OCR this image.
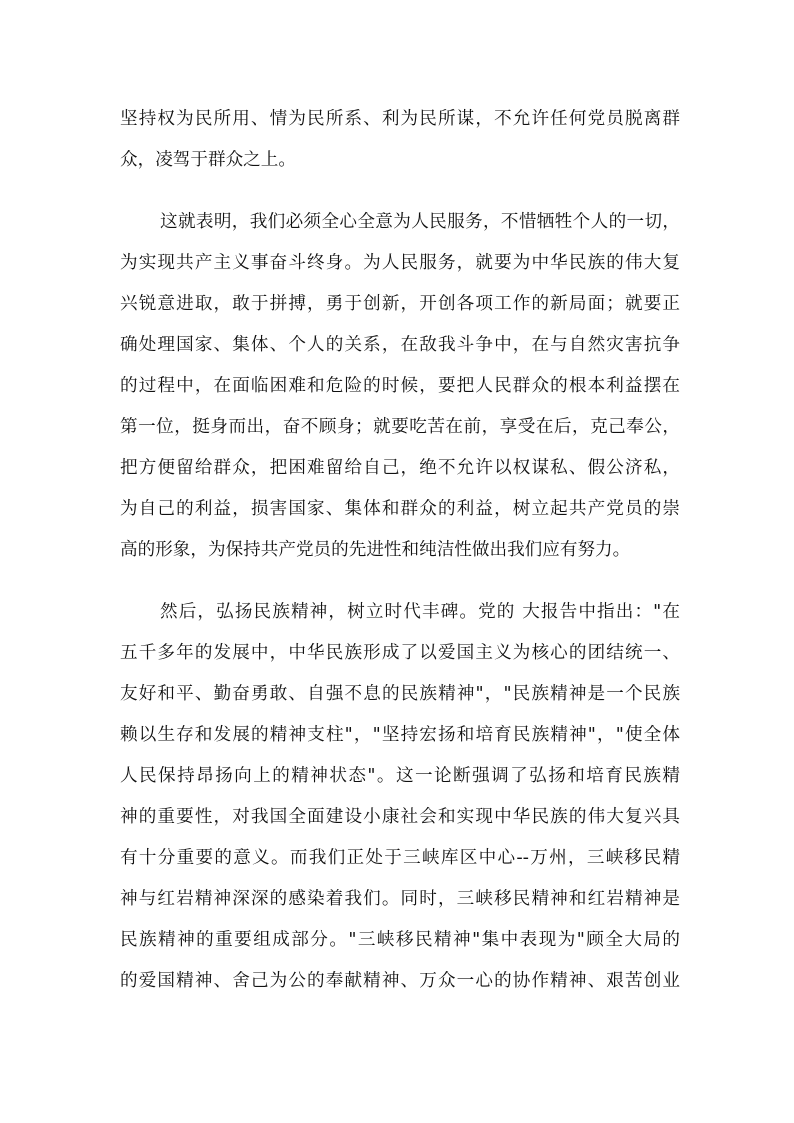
坚持权为民所用、情为民所系、利为民所谋，不允许任何党员脱离群
众，凌驾于群众之上。
这就表明，我们必须全心全意为人民服务，不惜牺牲个人的一切，
为实现共产主义事奋斗终身。为人民服务，就要为中华民族的伟大复
兴锐意进取，敢于拼搏，勇于创新，开创各项工作的新局面；就要正
确处理国家、集体、个人的关系，在敌我斗争中，在与自然灾害抗争
的过程中，在面临困难和危险的时候，要把人民群众的根本利益摆在
第一位，挺身而出，奋不顾身；就要吃苦在前，享受在后，克己奉公，
把方便留给群众，把困难留给自己，绝不允许以权谋私、假公济私，
为自己的利益，损害国家、集体和群众的利益，树立起共产党员的崇
高的形象，为保持共产党员的先进性和纯洁性做出我们应有努力。
然后，弘扬民族精神，树立时代丰碑。党的 大报告中指出："在
五千多年的发展中，中华民族形成了以爱国主义为核心的团结统一、
友好和平、勤奋勇敢、自强不息的民族精神"，"民族精神是一个民族
赖以生存和发展的精神支柱"，"坚持宏扬和培育民族精神"，"使全体
人民保持昂扬向上的精神状态"。这一论断强调了弘扬和培育民族精
神的重要性，对我国全面建设小康社会和实现中华民族的伟大复兴具
有十分重要的意义。而我们正处于三峡库区中心--万州，三峡移民精
神与红岩精神深深的感染着我们。同时，三峡移民精神和红岩精神是
民族精神的重要组成部分。"三峡移民精神"集中表现为"顾全大局的
的爱国精神、舍己为公的奉献精神、万众一心的协作精神、艰苦创业
